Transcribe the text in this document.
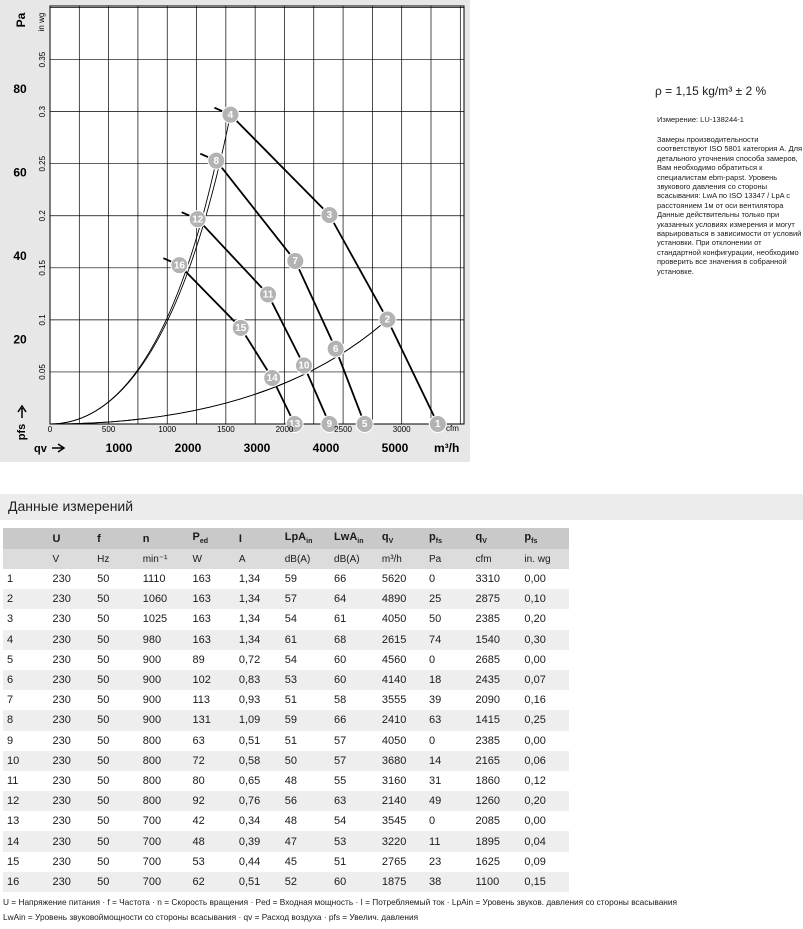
1
2
3
4
5
6
7
8
9
10
11
12
13
14
15
16
20
40
60
80
0.05
0.1
0.15
0.2
0.25
0.3
0.35
0	500	1000	1500	2000	2500	3000
1000	2000	3000	4000	5000
Pa in wg
pfs	cfm
qv	m³/h
ρ = 1,15 kg/m³ ± 2 %
Измерение: LU-138244-1
Замеры производительности
соответствуют ISO 5801 категория А. Для
детального уточнения способа замеров,
Вам необходимо обратиться к
специалистам ebm-papst. Уровень
звукового давления со стороны
всасывания: LwA по ISO 13347 / LpA с
расстоянием 1м от оси вентилятора
Данные действительны только при
указанных условиях измерения и могут
варьироваться в зависимости от условий
установки. При отклонении от
стандартной конфигурации, необходимо
проверить все значения в собранной
установке.
Данные измерений
	U	f	n	$P_{ed}$	I	LpA$_{in}$	LwA$_{in}$	$q_V$	$p_{fs}$	$q_V$	$p_{fs}$
	V	Hz	min⁻¹	W	A	dB(A)	dB(A)	m³/h	Pa	cfm	in. wg
1	230	50	1110	163	1,34	59	66	5620	0	3310	0,00
2	230	50	1060	163	1,34	57	64	4890	25	2875	0,10
3	230	50	1025	163	1,34	54	61	4050	50	2385	0,20
4	230	50	980	163	1,34	61	68	2615	74	1540	0,30
5	230	50	900	89	0,72	54	60	4560	0	2685	0,00
6	230	50	900	102	0,83	53	60	4140	18	2435	0,07
7	230	50	900	113	0,93	51	58	3555	39	2090	0,16
8	230	50	900	131	1,09	59	66	2410	63	1415	0,25
9	230	50	800	63	0,51	51	57	4050	0	2385	0,00
10	230	50	800	72	0,58	50	57	3680	14	2165	0,06
11	230	50	800	80	0,65	48	55	3160	31	1860	0,12
12	230	50	800	92	0,76	56	63	2140	49	1260	0,20
13	230	50	700	42	0,34	48	54	3545	0	2085	0,00
14	230	50	700	48	0,39	47	53	3220	11	1895	0,04
15	230	50	700	53	0,44	45	51	2765	23	1625	0,09
16	230	50	700	62	0,51	52	60	1875	38	1100	0,15
U = Напряжение питания · f = Частота · n = Скорость вращения · Ped = Входная мощность · I = Потребляемый ток · LpAin = Уровень звуков. давления со стороны всасывания
LwAin = Уровень звуковоймощности со стороны всасывания · qv = Расход воздуха · pfs = Увелич. давления
